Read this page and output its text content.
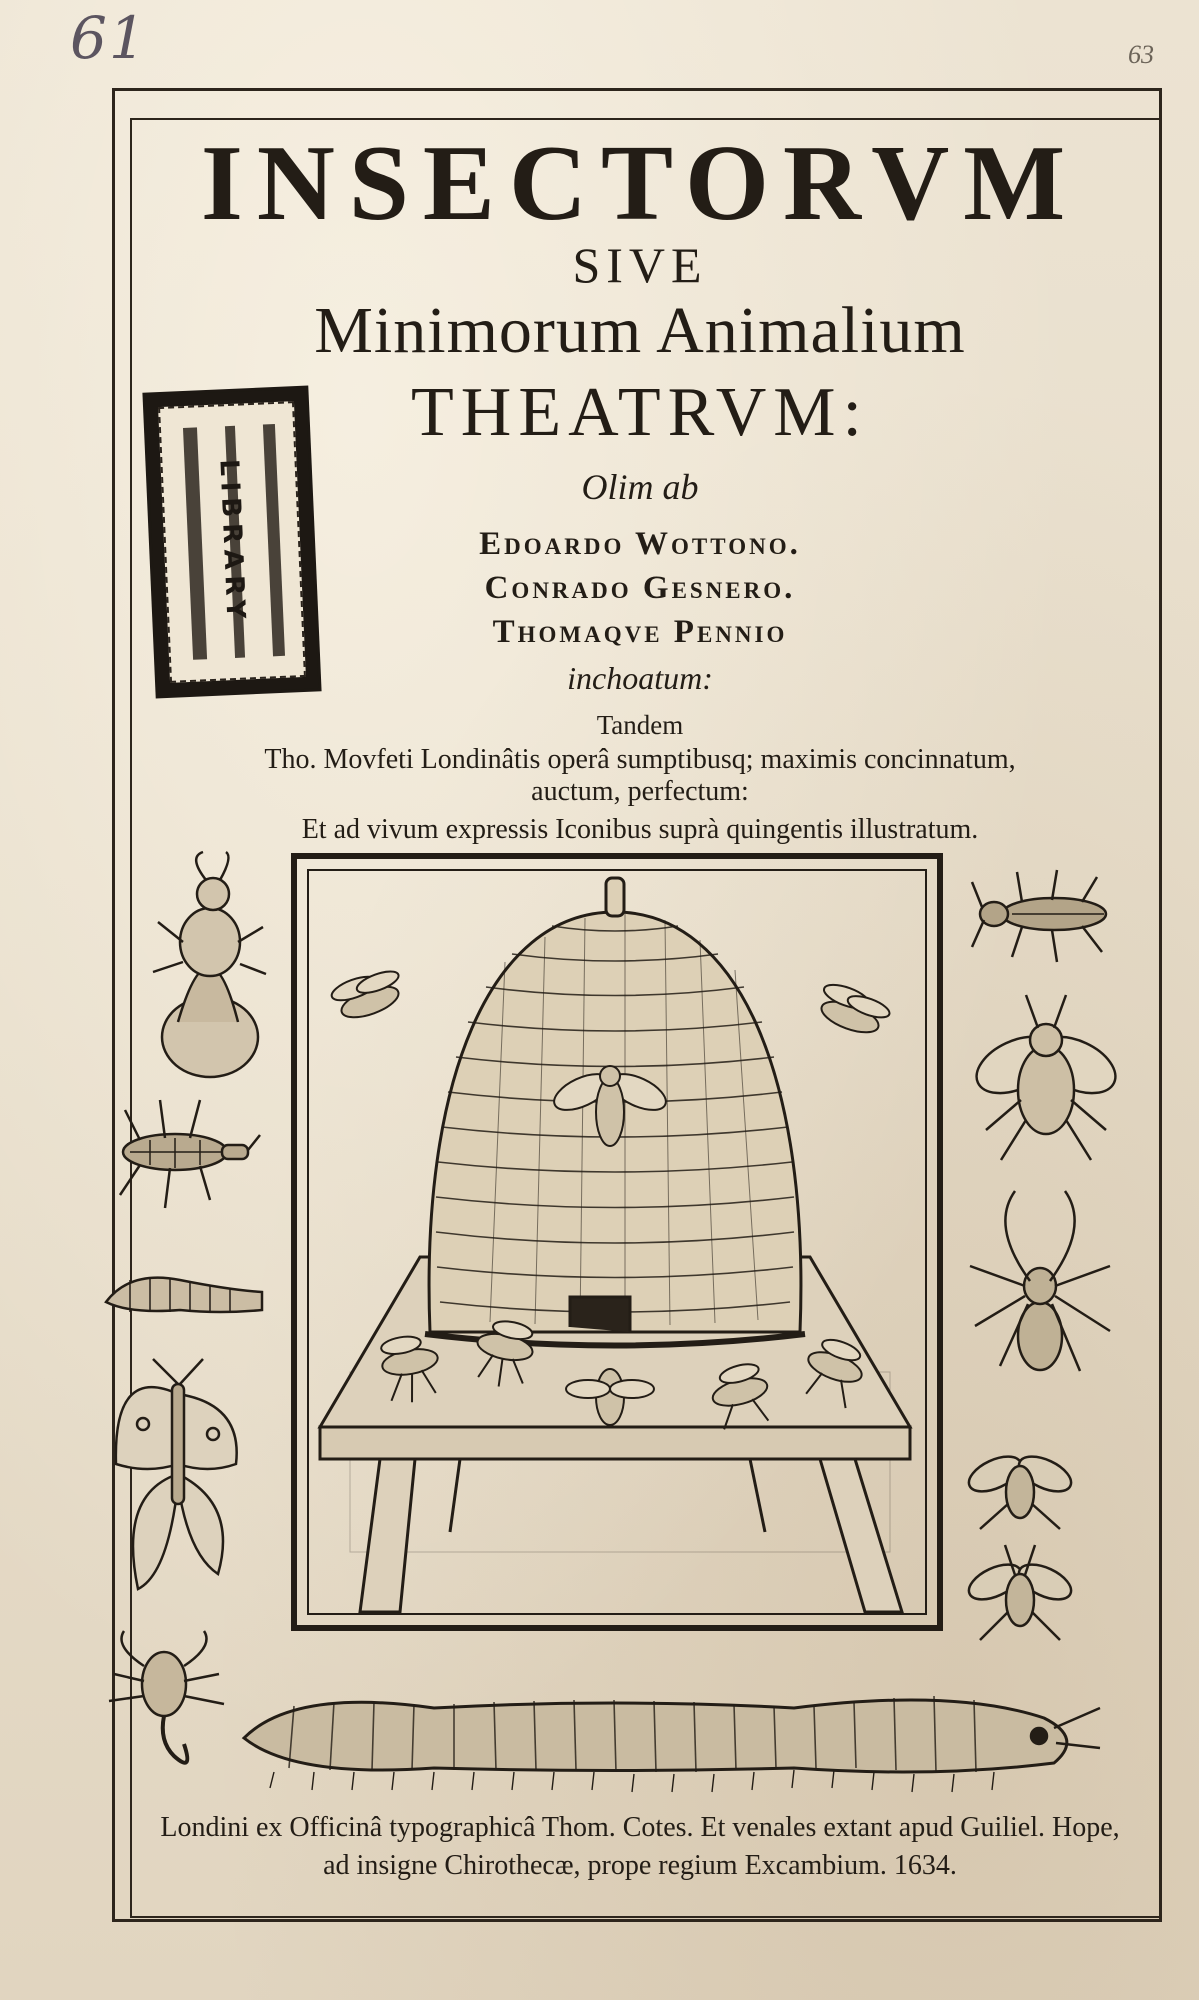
61	63
INSECTORVM
SIVE
Minimorum Animalium
THEATRVM:
Olim ab
Edoardo Wottono.
Conrado Gesnero.
Thomaqve Pennio
inchoatum:
Tandem
Tho. Movfeti Londinâtis operâ sumptibusq; maximis concinnatum,
auctum, perfectum:
Et ad vivum expressis Iconibus suprà quingentis illustratum.
LIBRARY
Londini ex Officinâ typographicâ Thom. Cotes. Et venales extant apud Guiliel. Hope,
ad insigne Chirothecæ, prope regium Excambium. 1634.
